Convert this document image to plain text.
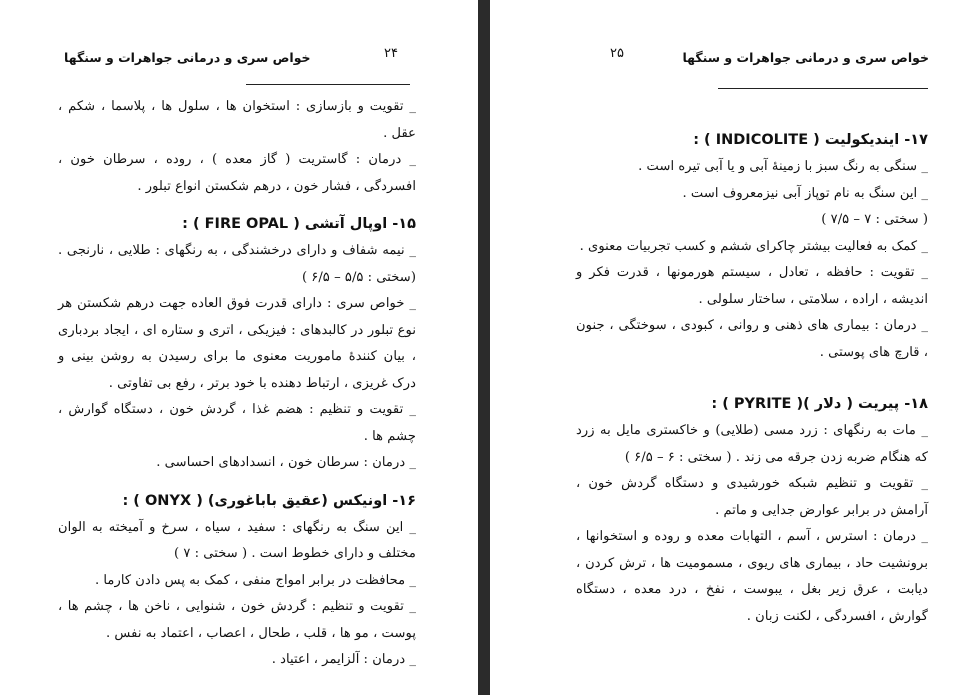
خواص سری و درمانی جواهرات و سنگها	۲۴

_ تقویت و بازسازی : استخوان ها ، سلول ها ، پلاسما ، شکم ، عقل .

_ درمان : گاستریت ( گاز معده ) ، روده ، سرطان خون ، افسردگی ، فشار خون ، درهم شکستن انواع تبلور .

۱۵- اوپال آتشی ( FIRE OPAL ) :

_ نیمه شفاف و دارای درخشندگی ، به رنگهای : طلایی ، نارنجی . (سختی : ۵/۵ – ۶/۵ )

_ خواص سری : دارای قدرت فوق العاده جهت درهم شکستن هر نوع تبلور در کالبدهای : فیزیکی ، اتری و ستاره ای ، ایجاد بردباری ، بیان کنندهٔ ماموریت معنوی ما برای رسیدن به روشن بینی و درک غریزی ، ارتباط دهنده با خود برتر ، رفع بی تفاوتی .

_ تقویت و تنظیم : هضم غذا ، گردش خون ، دستگاه گوارش ، چشم ها .

_ درمان : سرطان خون ، انسدادهای احساسی .

۱۶- اونیکس (عقیق باباغوری) ( ONYX ) :

_ این سنگ به رنگهای : سفید ، سیاه ، سرخ و آمیخته به الوان مختلف و دارای خطوط است . ( سختی : ۷ )

_ محافظت در برابر امواج منفی ، کمک به پس دادن کارما .

_ تقویت و تنظیم : گردش خون ، شنوایی ، ناخن ها ، چشم ها ، پوست ، مو ها ، قلب ، طحال ، اعصاب ، اعتماد به نفس .

_ درمان : آلزایمر ، اعتیاد .

۲۵	خواص سری و درمانی جواهرات و سنگها

۱۷- ایندیکولیت ( INDICOLITE ) :

_ سنگی به رنگ سبز با زمینهٔ آبی و یا آبی تیره است .

_ این سنگ به نام توپاز آبی نیزمعروف است .

( سختی : ۷ – ۷/۵ )

_ کمک به فعالیت بیشتر چاکرای ششم و کسب تجربیات معنوی .

_ تقویت : حافظه ، تعادل ، سیستم هورمونها ، قدرت فکر و اندیشه ، اراده ، سلامتی ، ساختار سلولی .

_ درمان : بیماری های ذهنی و روانی ، کبودی ، سوختگی ، جنون ، قارچ های پوستی .

۱۸- پیریت ( دلار )( PYRITE ) :

_ مات به رنگهای : زرد مسی (طلایی) و خاکستری مایل به زرد که هنگام ضربه زدن جرقه می زند . ( سختی : ۶ – ۶/۵ )

_ تقویت و تنظیم شبکه خورشیدی و دستگاه گردش خون ، آرامش در برابر عوارض جدایی و ماتم .

_ درمان : استرس ، آسم ، التهابات معده و روده و استخوانها ، برونشیت حاد ، بیماری های ریوی ، مسمومیت ها ، ترش کردن ، دیابت ، عرق زیر بغل ، یبوست ، نفخ ، درد معده ، دستگاه گوارش ، افسردگی ، لکنت زبان .
